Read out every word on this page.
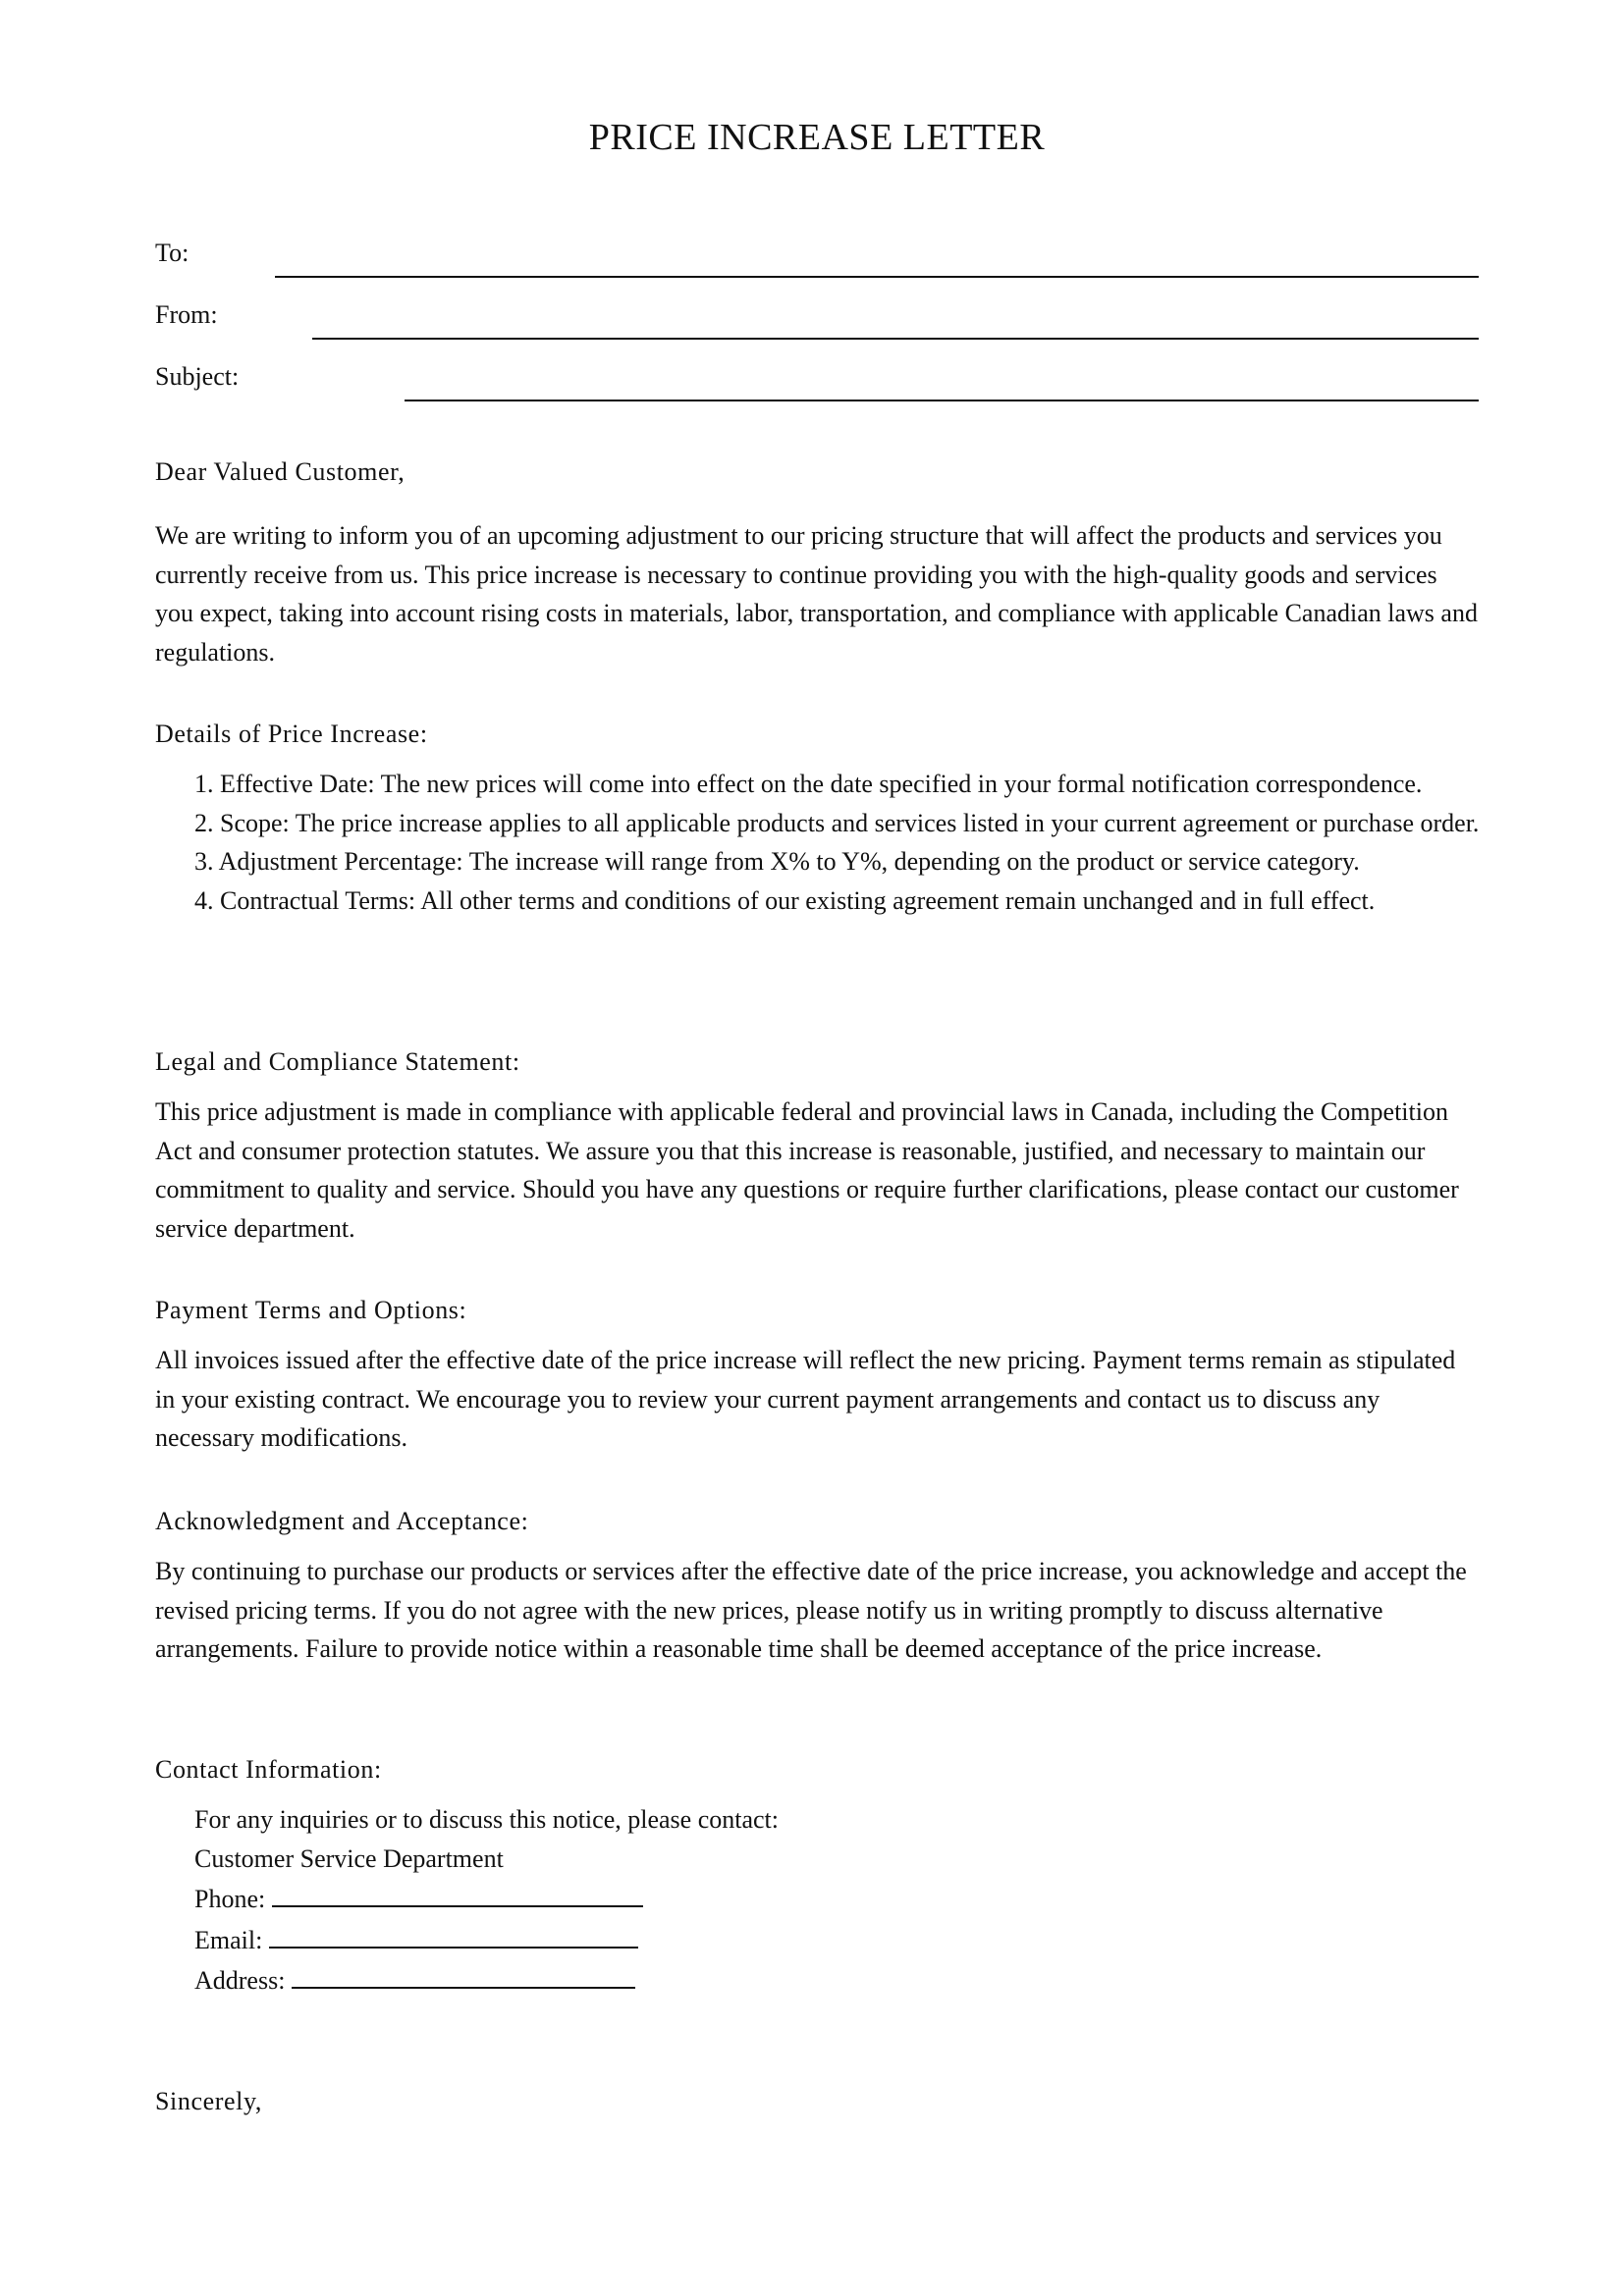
PRICE INCREASE LETTER
To:
From:
Subject:
Dear Valued Customer,

We are writing to inform you of an upcoming adjustment to our pricing structure that will affect the products and services you currently receive from us. This price increase is necessary to continue providing you with the high-quality goods and services you expect, taking into account rising costs in materials, labor, transportation, and compliance with applicable Canadian laws and regulations.

Details of Price Increase:
1. Effective Date: The new prices will come into effect on the date specified in your formal notification correspondence.
2. Scope: The price increase applies to all applicable products and services listed in your current agreement or purchase order.
3. Adjustment Percentage: The increase will range from X% to Y%, depending on the product or service category.
4. Contractual Terms: All other terms and conditions of our existing agreement remain unchanged and in full effect.
Legal and Compliance Statement:

This price adjustment is made in compliance with applicable federal and provincial laws in Canada, including the Competition Act and consumer protection statutes. We assure you that this increase is reasonable, justified, and necessary to maintain our commitment to quality and service. Should you have any questions or require further clarifications, please contact our customer service department.

Payment Terms and Options:

All invoices issued after the effective date of the price increase will reflect the new pricing. Payment terms remain as stipulated in your existing contract. We encourage you to review your current payment arrangements and contact us to discuss any necessary modifications.

Acknowledgment and Acceptance:

By continuing to purchase our products or services after the effective date of the price increase, you acknowledge and accept the revised pricing terms. If you do not agree with the new prices, please notify us in writing promptly to discuss alternative arrangements. Failure to provide notice within a reasonable time shall be deemed acceptance of the price increase.

Contact Information:
For any inquiries or to discuss this notice, please contact:
Customer Service Department
Phone:
Email:
Address:
Sincerely,
